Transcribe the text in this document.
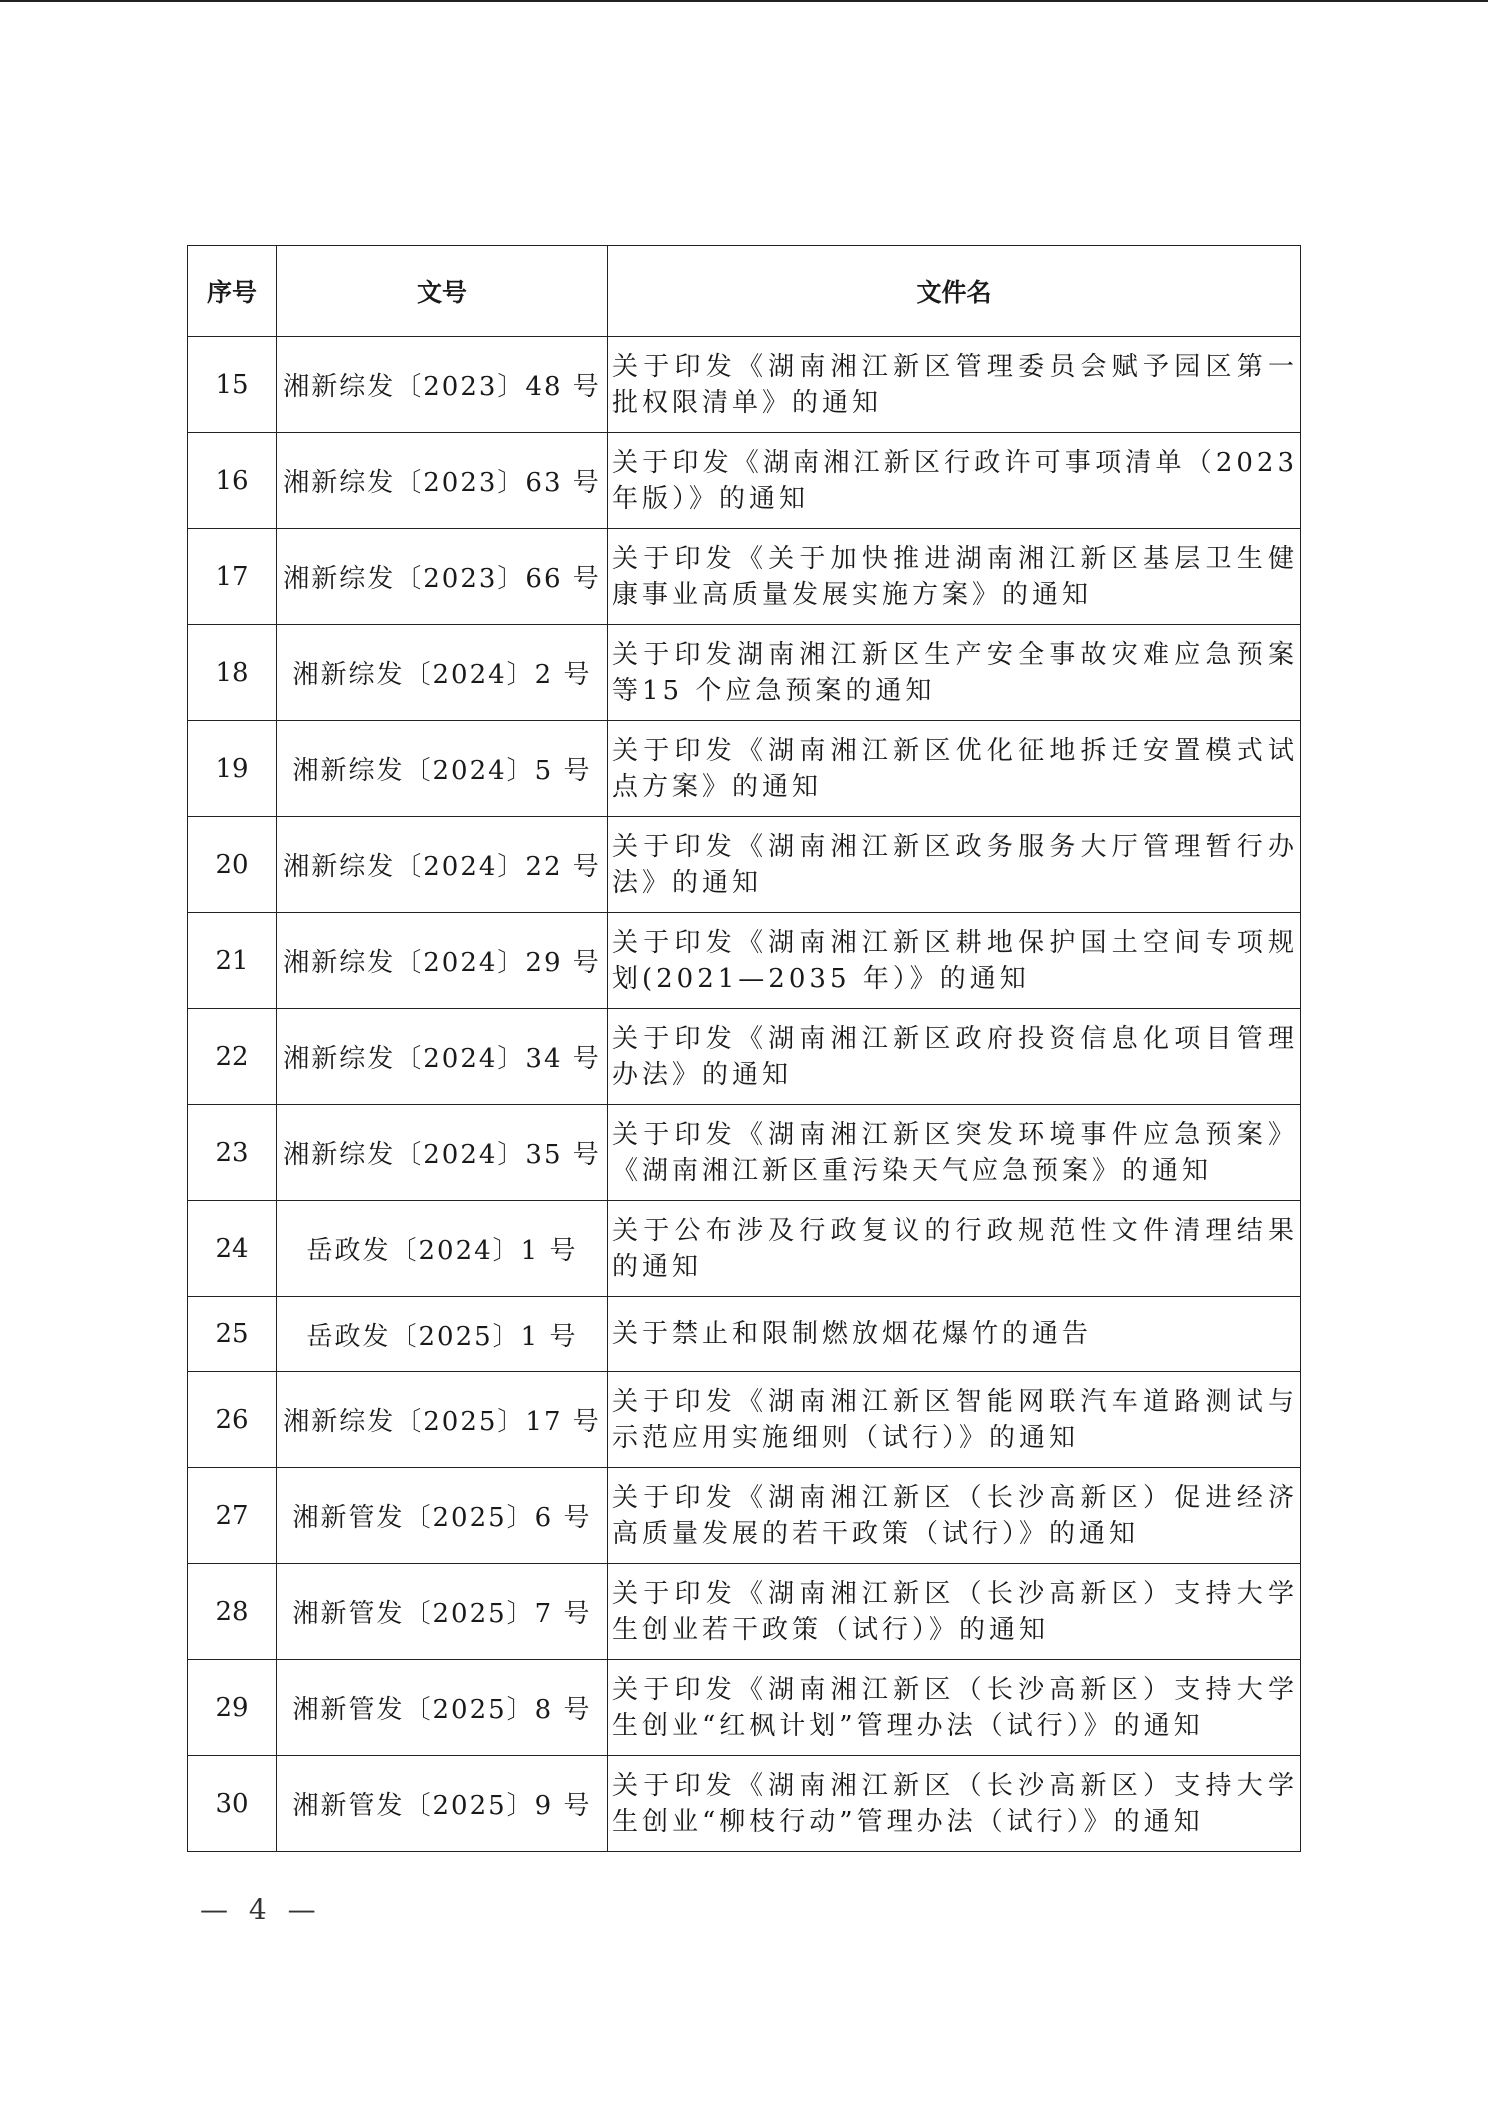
序号	文号	文件名
15	湘新综发〔2023〕48 号	关于印发《湖南湘江新区管理委员会赋予园区第一批权限清单》的通知
16	湘新综发〔2023〕63 号	关于印发《湖南湘江新区行政许可事项清单（2023年版）》的通知
17	湘新综发〔2023〕66 号	关于印发《关于加快推进湖南湘江新区基层卫生健康事业高质量发展实施方案》的通知
18	湘新综发〔2024〕2 号	关于印发湖南湘江新区生产安全事故灾难应急预案等15 个应急预案的通知
19	湘新综发〔2024〕5 号	关于印发《湖南湘江新区优化征地拆迁安置模式试点方案》的通知
20	湘新综发〔2024〕22 号	关于印发《湖南湘江新区政务服务大厅管理暂行办法》的通知
21	湘新综发〔2024〕29 号	关于印发《湖南湘江新区耕地保护国土空间专项规划(2021—2035 年）》的通知
22	湘新综发〔2024〕34 号	关于印发《湖南湘江新区政府投资信息化项目管理办法》的通知
23	湘新综发〔2024〕35 号	关于印发《湖南湘江新区突发环境事件应急预案》《湖南湘江新区重污染天气应急预案》的通知
24	岳政发〔2024〕1 号	关于公布涉及行政复议的行政规范性文件清理结果的通知
25	岳政发〔2025〕1 号	关于禁止和限制燃放烟花爆竹的通告
26	湘新综发〔2025〕17 号	关于印发《湖南湘江新区智能网联汽车道路测试与示范应用实施细则（试行）》的通知
27	湘新管发〔2025〕6 号	关于印发《湖南湘江新区（长沙高新区）促进经济高质量发展的若干政策（试行）》的通知
28	湘新管发〔2025〕7 号	关于印发《湖南湘江新区（长沙高新区）支持大学生创业若干政策（试行）》的通知
29	湘新管发〔2025〕8 号	关于印发《湖南湘江新区（长沙高新区）支持大学生创业“红枫计划”管理办法（试行）》的通知
30	湘新管发〔2025〕9 号	关于印发《湖南湘江新区（长沙高新区）支持大学生创业“柳枝行动”管理办法（试行）》的通知
— 4 —
